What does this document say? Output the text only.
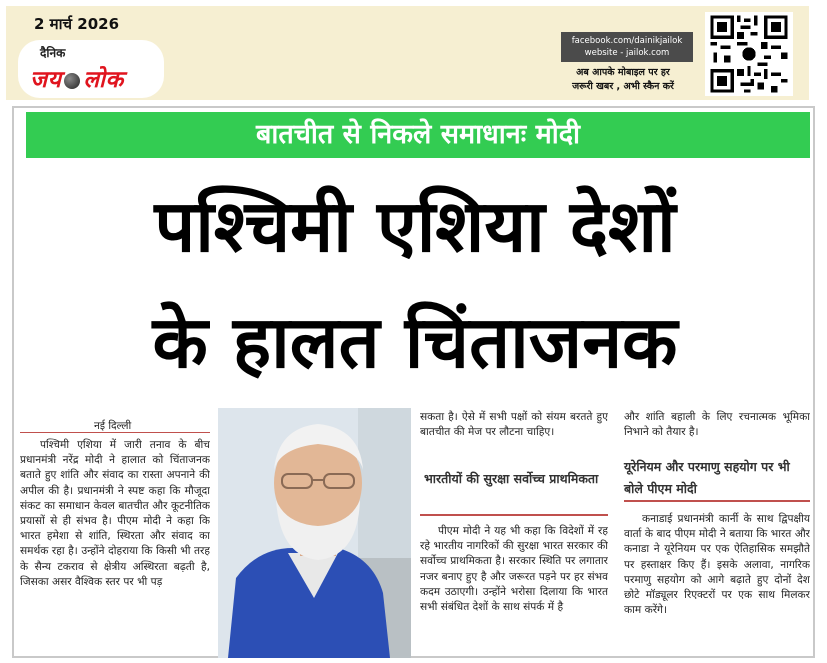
2 मार्च 2026
दैनिक
जय लोक
facebook.com/dainikjailok
website - jailok.com
अब आपके मोबाइल पर हर
जरूरी खबर , अभी स्कैन करें
बातचीत से निकले समाधानः मोदी
पश्चिमी एशिया देशों
के हालत चिंताजनक
नई दिल्ली
पश्चिमी एशिया में जारी तनाव के बीच प्रधानमंत्री नरेंद्र मोदी ने हालात को चिंताजनक बताते हुए शांति और संवाद का रास्ता अपनाने की अपील की है। प्रधानमंत्री ने स्पष्ट कहा कि मौजूदा संकट का समाधान केवल बातचीत और कूटनीतिक प्रयासों से ही संभव है। पीएम मोदी ने कहा कि भारत हमेशा से शांति, स्थिरता और संवाद का समर्थक रहा है। उन्होंने दोहराया कि किसी भी तरह के सैन्य टकराव से क्षेत्रीय अस्थिरता बढ़ती है, जिसका असर वैश्विक स्तर पर भी पड़
सकता है। ऐसे में सभी पक्षों को संयम बरतते हुए बातचीत की मेज पर लौटना चाहिए।
भारतीयों की सुरक्षा सर्वोच्च प्राथमिकता
पीएम मोदी ने यह भी कहा कि विदेशों में रह रहे भारतीय नागरिकों की सुरक्षा भारत सरकार की सर्वोच्च प्राथमिकता है। सरकार स्थिति पर लगातार नजर बनाए हुए है और जरूरत पड़ने पर हर संभव कदम उठाएगी। उन्होंने भरोसा दिलाया कि भारत सभी संबंधित देशों के साथ संपर्क में है
और शांति बहाली के लिए रचनात्मक भूमिका निभाने को तैयार है।
यूरेनियम और परमाणु सहयोग पर भी बोले पीएम मोदी
कनाडाई प्रधानमंत्री कार्नी के साथ द्विपक्षीय वार्ता के बाद पीएम मोदी ने बताया कि भारत और कनाडा ने यूरेनियम पर एक ऐतिहासिक समझौते पर हस्ताक्षर किए हैं। इसके अलावा, नागरिक परमाणु सहयोग को आगे बढ़ाते हुए दोनों देश छोटे मॉड्यूलर रिएक्टरों पर एक साथ मिलकर काम करेंगे।
